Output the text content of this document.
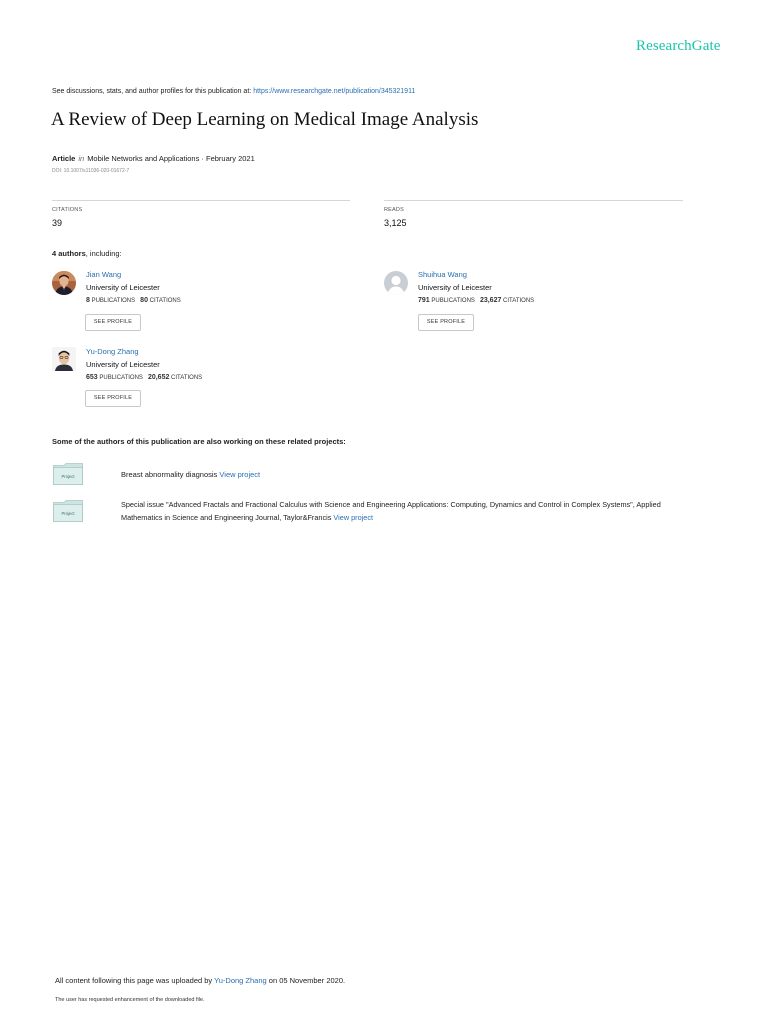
ResearchGate
See discussions, stats, and author profiles for this publication at: https://www.researchgate.net/publication/345321911
A Review of Deep Learning on Medical Image Analysis
Article in Mobile Networks and Applications · February 2021
DOI: 10.1007/s11036-020-01672-7
CITATIONS
39
READS
3,125
4 authors, including:
Jian Wang
University of Leicester
8 PUBLICATIONS 80 CITATIONS
SEE PROFILE
Shuihua Wang
University of Leicester
791 PUBLICATIONS 23,627 CITATIONS
SEE PROFILE
Yu-Dong Zhang
University of Leicester
653 PUBLICATIONS 20,652 CITATIONS
SEE PROFILE
Some of the authors of this publication are also working on these related projects:
Project	Breast abnormality diagnosis View project
Project
Special issue "Advanced Fractals and Fractional Calculus with Science and Engineering Applications: Computing, Dynamics and Control in Complex Systems", Applied
Mathematics in Science and Engineering Journal, Taylor&Francis View project
All content following this page was uploaded by Yu-Dong Zhang on 05 November 2020.
The user has requested enhancement of the downloaded file.
